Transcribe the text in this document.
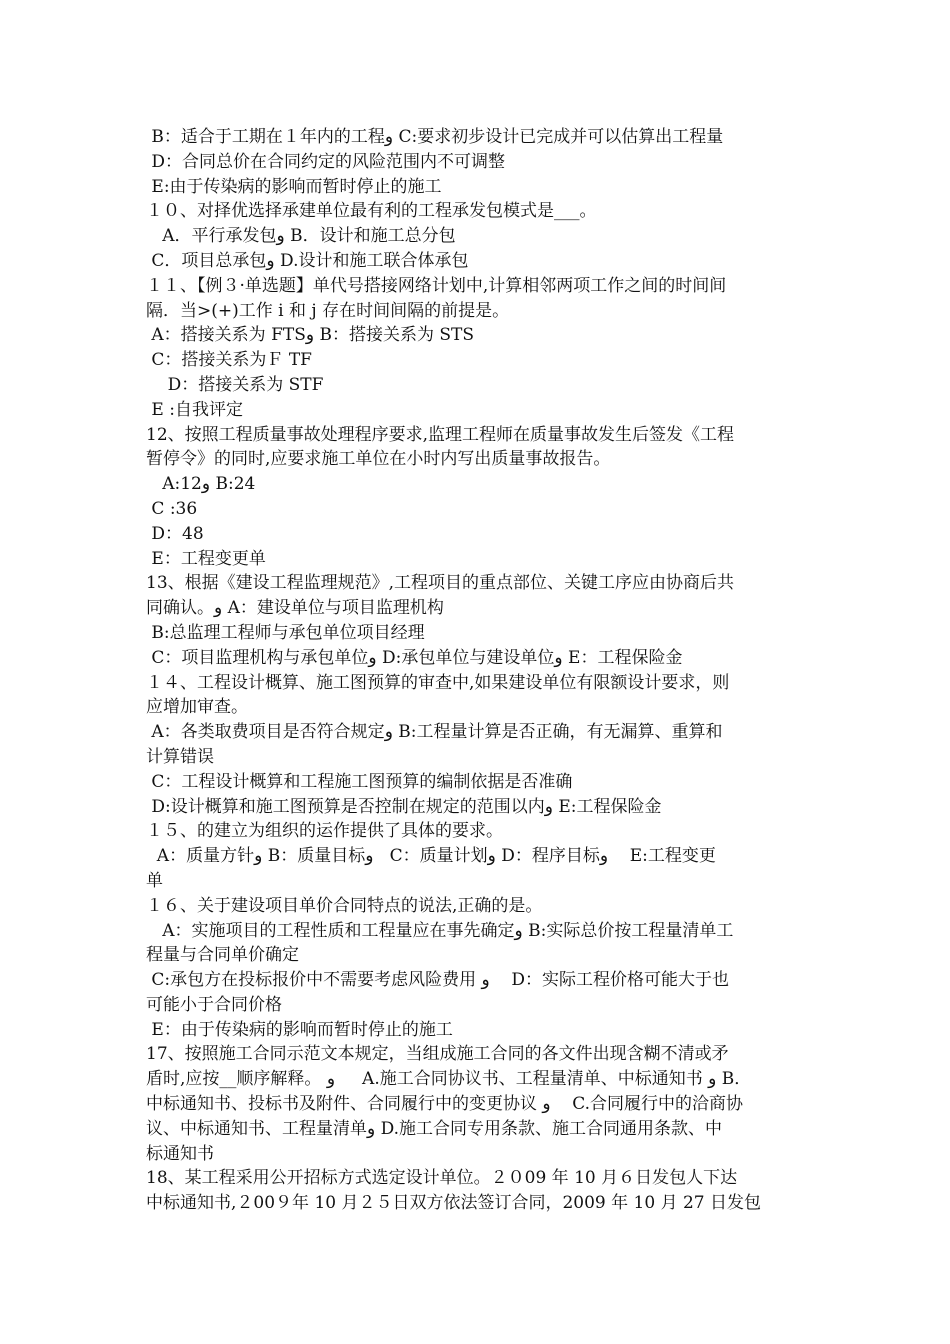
B：适合于工期在１年内的工程و C:要求初步设计已完成并可以估算出工程量
D：合同总价在合同约定的风险范围内不可调整
E:由于传染病的影响而暂时停止的施工
１０、对择优选择承建单位最有利的工程承发包模式是___。
A．平行承发包و B．设计和施工总分包
C．项目总承包و D.设计和施工联合体承包
１１、【例３·单选题】单代号搭接网络计划中,计算相邻两项工作之间的时间间
隔．当>(+)工作 i 和 j 存在时间间隔的前提是。
A：搭接关系为 FTSو B：搭接关系为 STS
C：搭接关系为Ｆ TF
D：搭接关系为 STF
E :自我评定
12、按照工程质量事故处理程序要求,监理工程师在质量事故发生后签发《工程
暂停令》的同时,应要求施工单位在小时内写出质量事故报告。
A:12و B:24
C :36
D：48
E：工程变更单
13、根据《建设工程监理规范》,工程项目的重点部位、关键工序应由协商后共
同确认。و A：建设单位与项目监理机构
B:总监理工程师与承包单位项目经理
C：项目监理机构与承包单位و D:承包单位与建设单位و E：工程保险金
１４、工程设计概算、施工图预算的审查中,如果建设单位有限额设计要求，则
应增加审查。
A：各类取费项目是否符合规定و B:工程量计算是否正确，有无漏算、重算和
计算错误
C：工程设计概算和工程施工图预算的编制依据是否准确
D:设计概算和施工图预算是否控制在规定的范围以内و E:工程保险金
１５、的建立为组织的运作提供了具体的要求。
A：质量方针و B：质量目标و   C：质量计划و D：程序目标و    E:工程变更
单
１６、关于建设项目单价合同特点的说法,正确的是。
A：实施项目的工程性质和工程量应在事先确定و B:实际总价按工程量清单工
程量与合同单价确定
C:承包方在投标报价中不需要考虑风险费用 و    D：实际工程价格可能大于也
可能小于合同价格
E：由于传染病的影响而暂时停止的施工
17、按照施工合同示范文本规定，当组成施工合同的各文件出现含糊不清或矛
盾时,应按__顺序解释。 و     A.施工合同协议书、工程量清单、中标通知书 و B．
中标通知书、投标书及附件、合同履行中的变更协议 و    C.合同履行中的洽商协
议、中标通知书、工程量清单و D.施工合同专用条款、施工合同通用条款、中
标通知书
18、某工程采用公开招标方式选定设计单位。２０09 年 10 月６日发包人下达
中标通知书,２00９年 10 月２５日双方依法签订合同，2009 年 10 月 27 日发包
